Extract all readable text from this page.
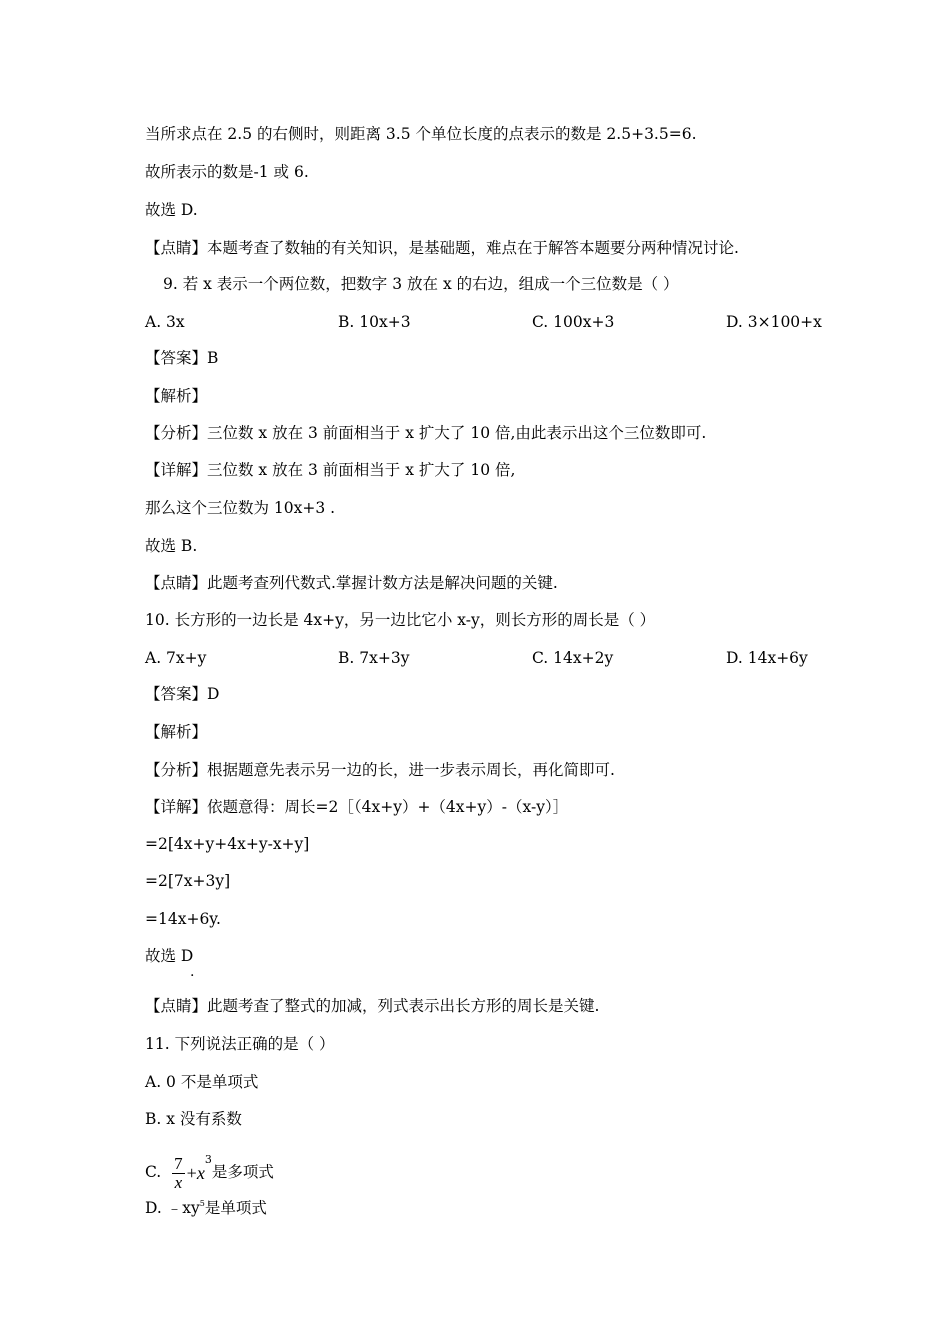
当所求点在 2.5 的右侧时，则距离 3.5 个单位长度的点表示的数是 2.5+3.5=6.
故所表示的数是-1 或 6.
故选 D.
【点睛】本题考查了数轴的有关知识，是基础题，难点在于解答本题要分两种情况讨论.
9. 若 x 表示一个两位数，把数字 3 放在 x 的右边，组成一个三位数是（ ）
A. 3x	B. 10x+3	C. 100x+3	D. 3×100+x
【答案】B
【解析】
【分析】三位数 x 放在 3 前面相当于 x 扩大了 10 倍,由此表示出这个三位数即可.
【详解】三位数 x 放在 3 前面相当于 x 扩大了 10 倍,
那么这个三位数为 10x+3 .
故选 B.
【点睛】此题考查列代数式.掌握计数方法是解决问题的关键.
10. 长方形的一边长是 4x+y，另一边比它小 x-y，则长方形的周长是（ ）
A. 7x+y	B. 7x+3y	C. 14x+2y	D. 14x+6y
【答案】D
【解析】
【分析】根据题意先表示另一边的长，进一步表示周长，再化简即可.
【详解】依题意得：周长=2［（4x+y）+（4x+y）-（x-y）］
=2[4x+y+4x+y-x+y]
=2[7x+3y]
=14x+6y.
故选 D
.
【点睛】此题考查了整式的加减，列式表示出长方形的周长是关键.
11. 下列说法正确的是（ ）
A. 0 不是单项式
B. x 没有系数
C. $\frac{7}{x} +x^3$是多项式
D. $﹣xy^5$是单项式
